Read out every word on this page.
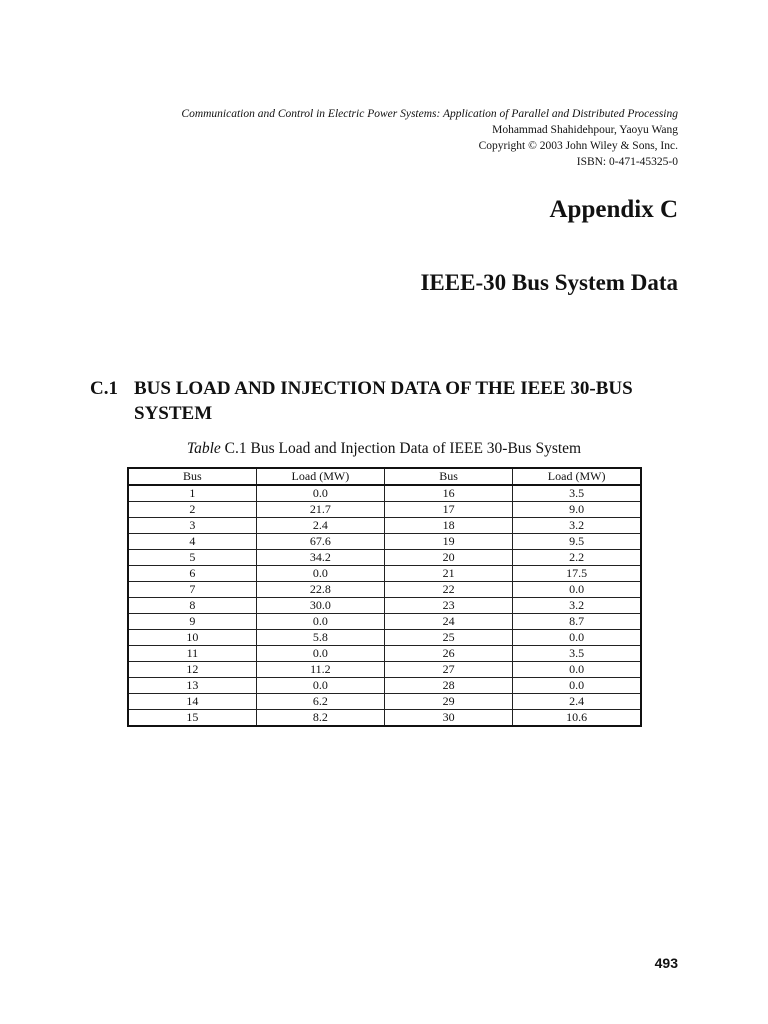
Communication and Control in Electric Power Systems: Application of Parallel and Distributed Processing
Mohammad Shahidehpour, Yaoyu Wang
Copyright © 2003 John Wiley & Sons, Inc.
ISBN: 0-471-45325-0
Appendix C
IEEE-30 Bus System Data
C.1 BUS LOAD AND INJECTION DATA OF THE IEEE 30-BUS SYSTEM
Table C.1 Bus Load and Injection Data of IEEE 30-Bus System
Bus	Load (MW)	Bus	Load (MW)
1	0.0	16	3.5
2	21.7	17	9.0
3	2.4	18	3.2
4	67.6	19	9.5
5	34.2	20	2.2
6	0.0	21	17.5
7	22.8	22	0.0
8	30.0	23	3.2
9	0.0	24	8.7
10	5.8	25	0.0
11	0.0	26	3.5
12	11.2	27	0.0
13	0.0	28	0.0
14	6.2	29	2.4
15	8.2	30	10.6
493
